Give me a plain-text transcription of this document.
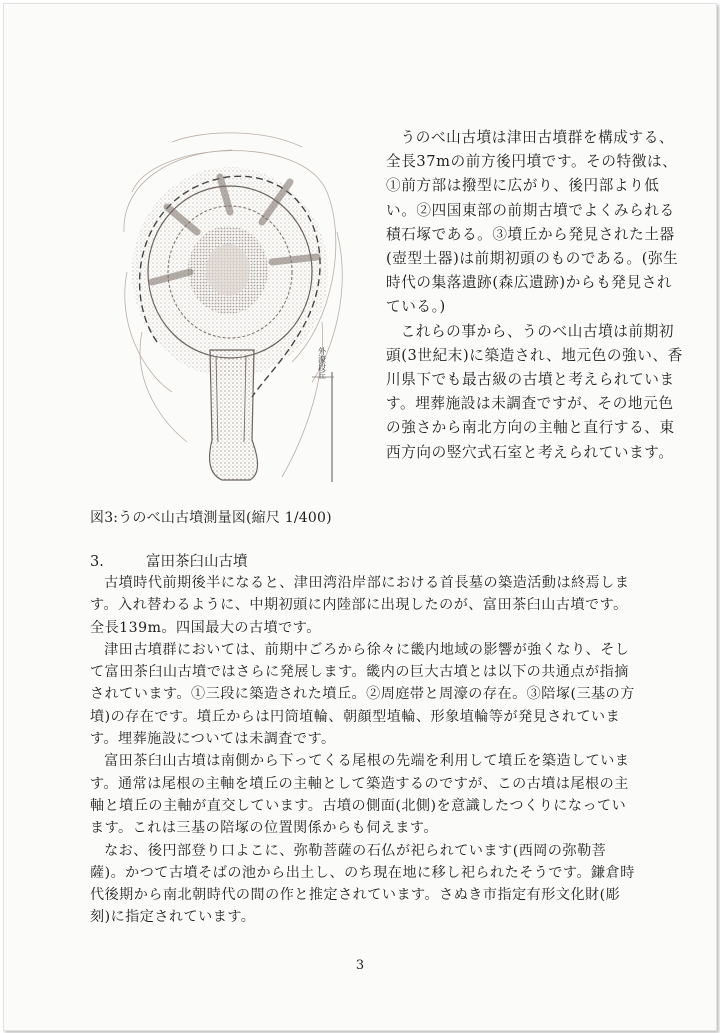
外濠段丘
図3:うのべ山古墳測量図(縮尺 1/400)

うのべ山古墳は津田古墳群を構成する、全長37mの前方後円墳です。その特徴は、①前方部は撥型に広がり、後円部より低い。②四国東部の前期古墳でよくみられる積石塚である。③墳丘から発見された土器(壺型土器)は前期初頭のものである。(弥生時代の集落遺跡(森広遺跡)からも発見されている。)

これらの事から、うのべ山古墳は前期初頭(3世紀末)に築造され、地元色の強い、香川県下でも最古級の古墳と考えられています。埋葬施設は未調査ですが、その地元色の強さから南北方向の主軸と直行する、東西方向の竪穴式石室と考えられています。

3.	富田茶臼山古墳

古墳時代前期後半になると、津田湾沿岸部における首長墓の築造活動は終焉します。入れ替わるように、中期初頭に内陸部に出現したのが、富田茶臼山古墳です。全長139m。四国最大の古墳です。

津田古墳群においては、前期中ごろから徐々に畿内地域の影響が強くなり、そして富田茶臼山古墳ではさらに発展します。畿内の巨大古墳とは以下の共通点が指摘されています。①三段に築造された墳丘。②周庭帯と周濠の存在。③陪塚(三基の方墳)の存在です。墳丘からは円筒埴輪、朝顔型埴輪、形象埴輪等が発見されています。埋葬施設については未調査です。

富田茶臼山古墳は南側から下ってくる尾根の先端を利用して墳丘を築造しています。通常は尾根の主軸を墳丘の主軸として築造するのですが、この古墳は尾根の主軸と墳丘の主軸が直交しています。古墳の側面(北側)を意識したつくりになっています。これは三基の陪塚の位置関係からも伺えます。

なお、後円部登り口よこに、弥勒菩薩の石仏が祀られています(西岡の弥勒菩薩)。かつて古墳そばの池から出土し、のち現在地に移し祀られたそうです。鎌倉時代後期から南北朝時代の間の作と推定されています。さぬき市指定有形文化財(彫刻)に指定されています。

3
